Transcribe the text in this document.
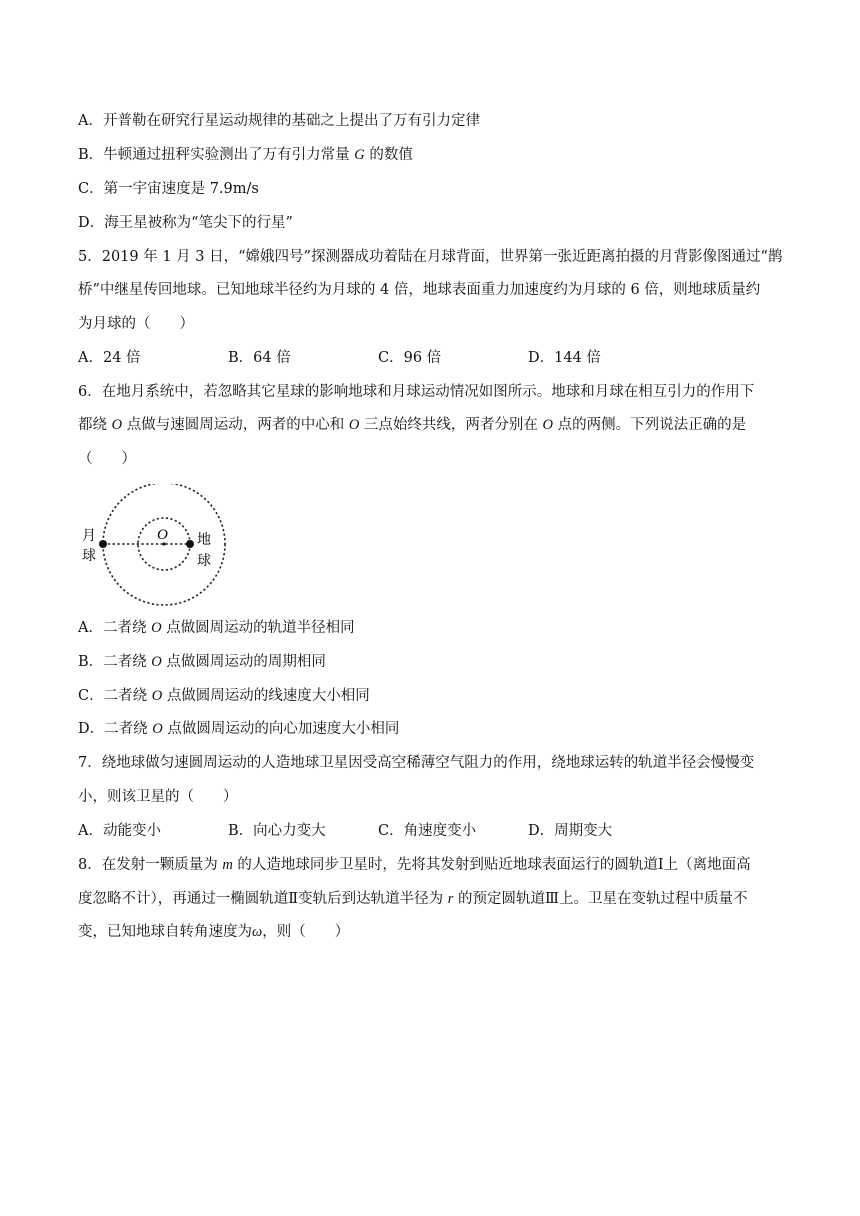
A．开普勒在研究行星运动规律的基础之上提出了万有引力定律
B．牛顿通过扭秤实验测出了万有引力常量 G 的数值
C．第一宇宙速度是 7.9m/s
D．海王星被称为“笔尖下的行星”
5．2019 年 1 月 3 日，“嫦娥四号”探测器成功着陆在月球背面，世界第一张近距离拍摄的月背影像图通过“鹊
桥”中继星传回地球。已知地球半径约为月球的 4 倍，地球表面重力加速度约为月球的 6 倍，则地球质量约
为月球的（　　）
A．24 倍	B．64 倍	C．96 倍	D．144 倍
6．在地月系统中，若忽略其它星球的影响地球和月球运动情况如图所示。地球和月球在相互引力的作用下
都绕 O 点做与速圆周运动，两者的中心和 O 三点始终共线，两者分别在 O 点的两侧。下列说法正确的是
（　　）
月
球
地
球
O
A．二者绕 O 点做圆周运动的轨道半径相同
B．二者绕 O 点做圆周运动的周期相同
C．二者绕 O 点做圆周运动的线速度大小相同
D．二者绕 O 点做圆周运动的向心加速度大小相同
7．绕地球做匀速圆周运动的人造地球卫星因受高空稀薄空气阻力的作用，绕地球运转的轨道半径会慢慢变
小，则该卫星的（　　）
A．动能变小	B．向心力变大	C．角速度变小	D．周期变大
8．在发射一颗质量为 m 的人造地球同步卫星时，先将其发射到贴近地球表面运行的圆轨道Ⅰ上（离地面高
度忽略不计），再通过一椭圆轨道Ⅱ变轨后到达轨道半径为 r 的预定圆轨道Ⅲ上。卫星在变轨过程中质量不
变，已知地球自转角速度为ω，则（　　）
